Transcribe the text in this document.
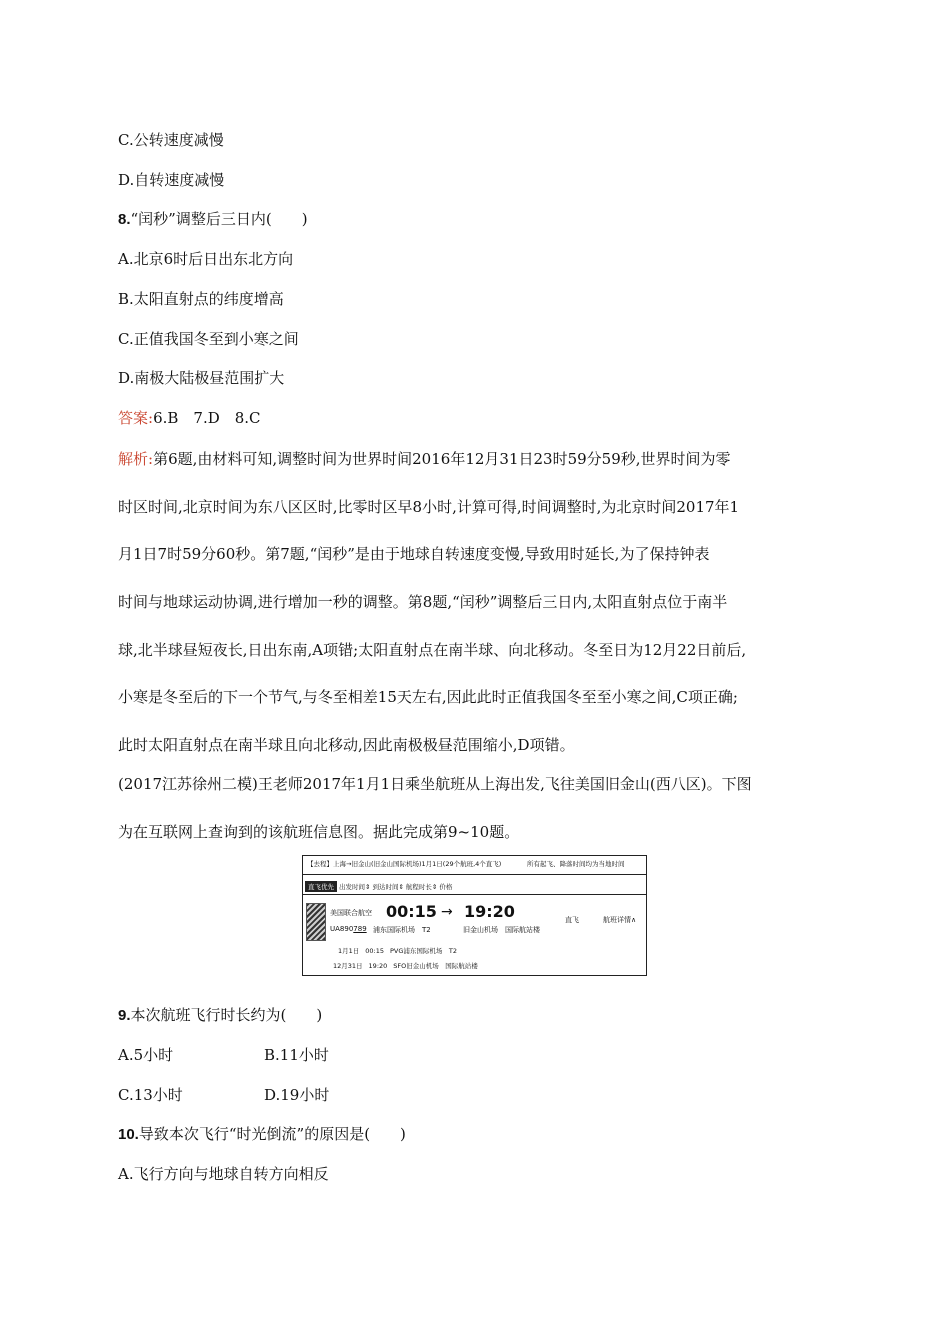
C.公转速度减慢
D.自转速度减慢
8.“闰秒”调整后三日内(　　)
A.北京6时后日出东北方向
B.太阳直射点的纬度增高
C.正值我国冬至到小寒之间
D.南极大陆极昼范围扩大
答案:6.B　7.D　8.C
解析:第6题,由材料可知,调整时间为世界时间2016年12月31日23时59分59秒,世界时间为零
时区时间,北京时间为东八区区时,比零时区早8小时,计算可得,时间调整时,为北京时间2017年1
月1日7时59分60秒。第7题,“闰秒”是由于地球自转速度变慢,导致用时延长,为了保持钟表
时间与地球运动协调,进行增加一秒的调整。第8题,“闰秒”调整后三日内,太阳直射点位于南半
球,北半球昼短夜长,日出东南,A项错;太阳直射点在南半球、向北移动。冬至日为12月22日前后,
小寒是冬至后的下一个节气,与冬至相差15天左右,因此此时正值我国冬至至小寒之间,C项正确;
此时太阳直射点在南半球且向北移动,因此南极极昼范围缩小,D项错。
(2017江苏徐州二模)王老师2017年1月1日乘坐航班从上海出发,飞往美国旧金山(西八区)。下图
为在互联网上查询到的该航班信息图。据此完成第9~10题。
【去程】上海→旧金山(旧金山国际机场)1月1日(29个航班,4个直飞)	所有起飞、降落时间均为当地时间
直飞优先 出发时间⇕ 到达时间⇕ 航程时长⇕ 价格
美国联合航空 00:15 → 19:20	直飞	航班详情∧
UA890789 浦东国际机场　T2	旧金山机场　国际航站楼
1月1日 00:15 PVG浦东国际机场　T2
12月31日 19:20 SFO旧金山机场　国际航站楼
9.本次航班飞行时长约为(　　)
A.5小时	B.11小时
C.13小时	D.19小时
10.导致本次飞行“时光倒流”的原因是(　　)
A.飞行方向与地球自转方向相反
